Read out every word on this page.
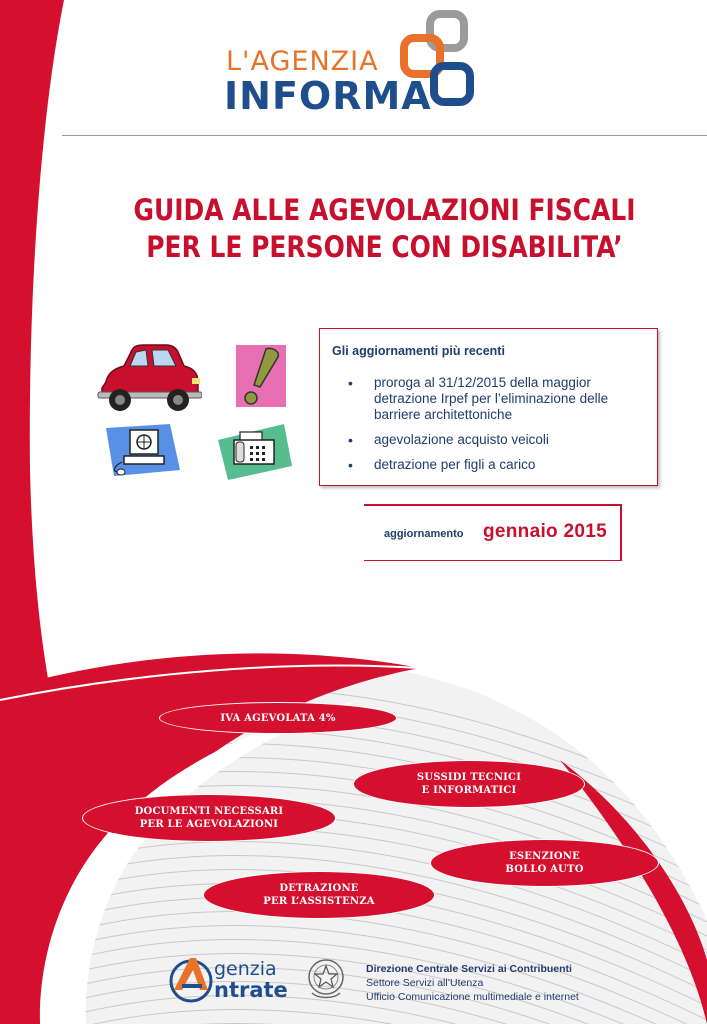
L'AGENZIA
INFORMA
GUIDA ALLE AGEVOLAZIONI FISCALI
PER LE PERSONE CON DISABILITA’
Gli aggiornamenti più recenti
• proroga al 31/12/2015 della maggior detrazione Irpef per l’eliminazione delle barriere architettoniche
• agevolazione acquisto veicoli
• detrazione per figli a carico
aggiornamento gennaio 2015
IVA AGEVOLATA 4%
SUSSIDI TECNICI
E INFORMATICI
DOCUMENTI NECESSARI
PER LE AGEVOLAZIONI
ESENZIONE
BOLLO AUTO
DETRAZIONE
PER L’ASSISTENZA
genzia
ntrate
Direzione Centrale Servizi ai Contribuenti
Settore Servizi all’Utenza
Ufficio Comunicazione multimediale e internet
